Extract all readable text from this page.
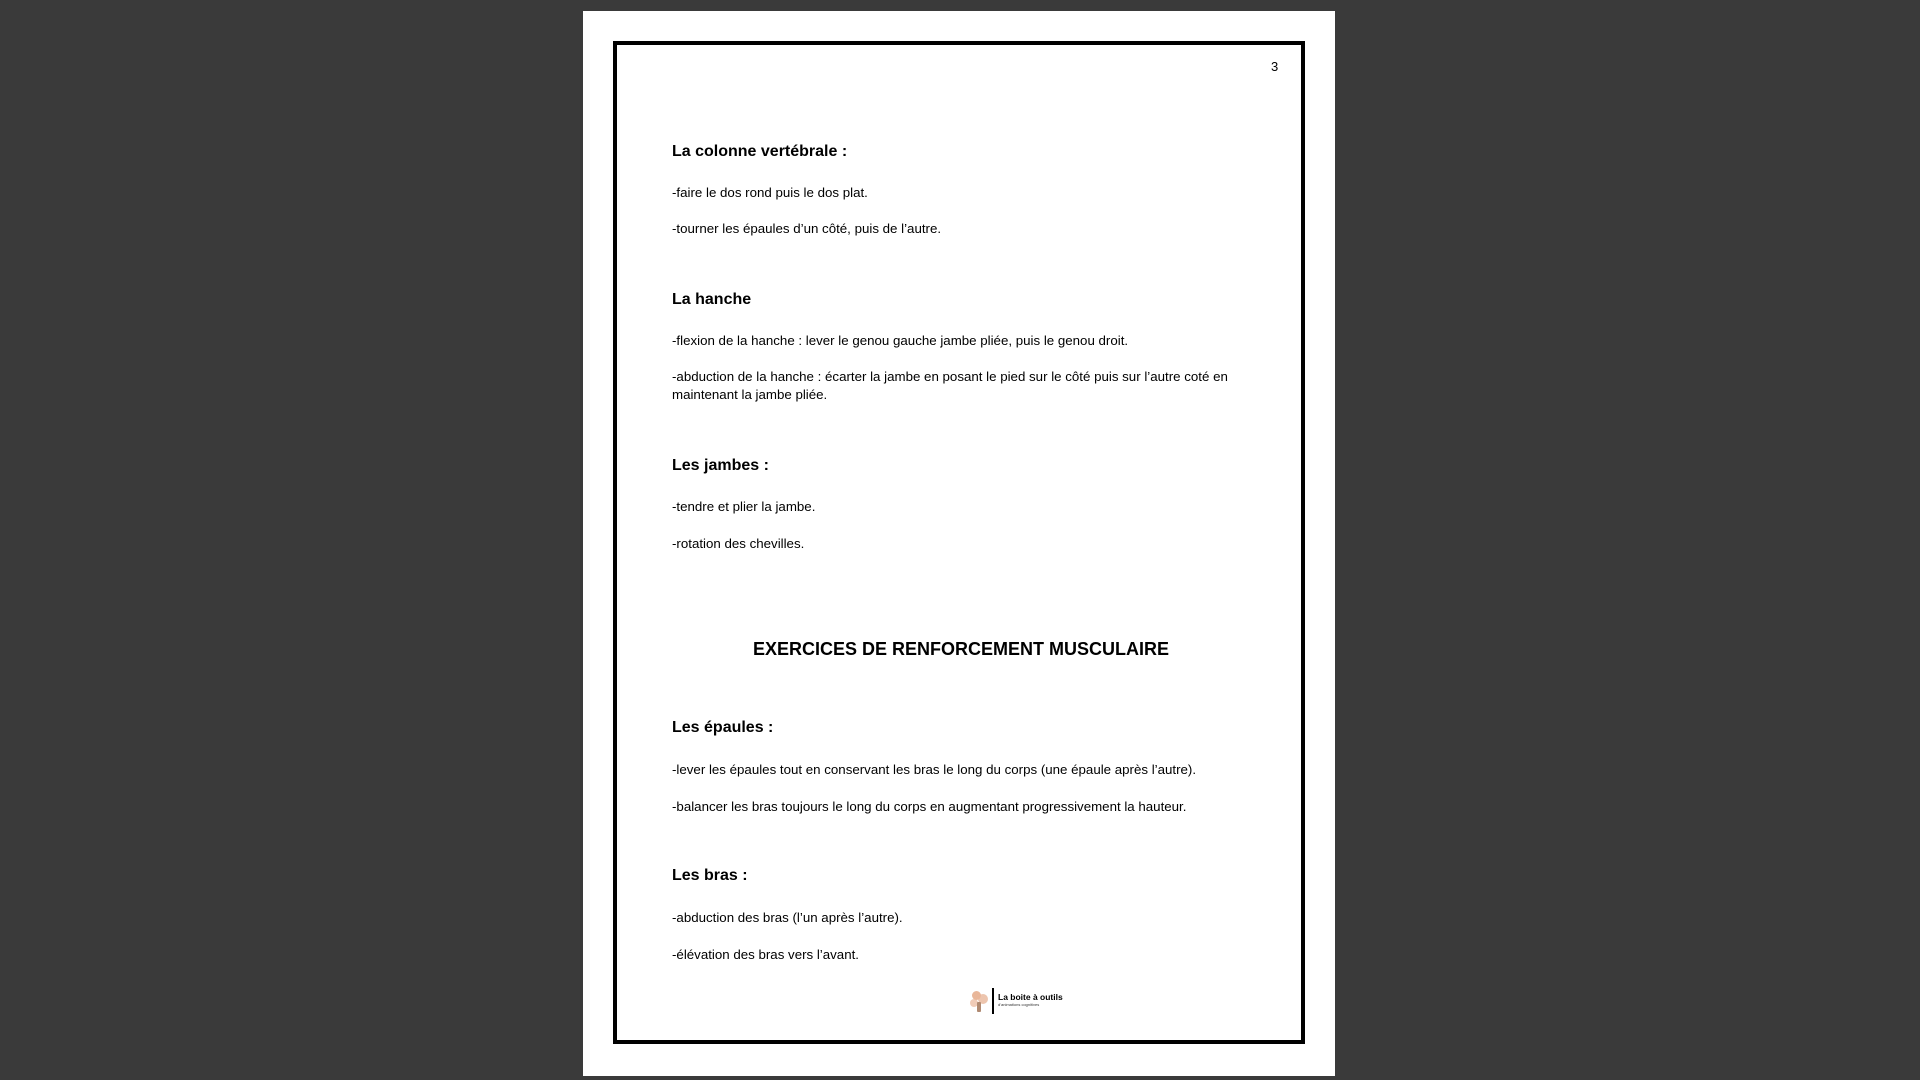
3
La colonne vertébrale :
-faire le dos rond puis le dos plat.
-tourner les épaules d’un côté, puis de l’autre.
La hanche
-flexion de la hanche : lever le genou gauche jambe pliée, puis le genou droit.
-abduction de la hanche : écarter la jambe en posant le pied sur le côté puis sur l’autre coté en maintenant la jambe pliée.
Les jambes :
-tendre et plier la jambe.
-rotation des chevilles.
EXERCICES DE RENFORCEMENT MUSCULAIRE
Les épaules :
-lever les épaules tout en conservant les bras le long du corps (une épaule après l’autre).
-balancer les bras toujours le long du corps en augmentant progressivement la hauteur.
Les bras :
-abduction des bras (l’un après l’autre).
-élévation des bras vers l’avant.
La boite à outils
d'animations cognitives
